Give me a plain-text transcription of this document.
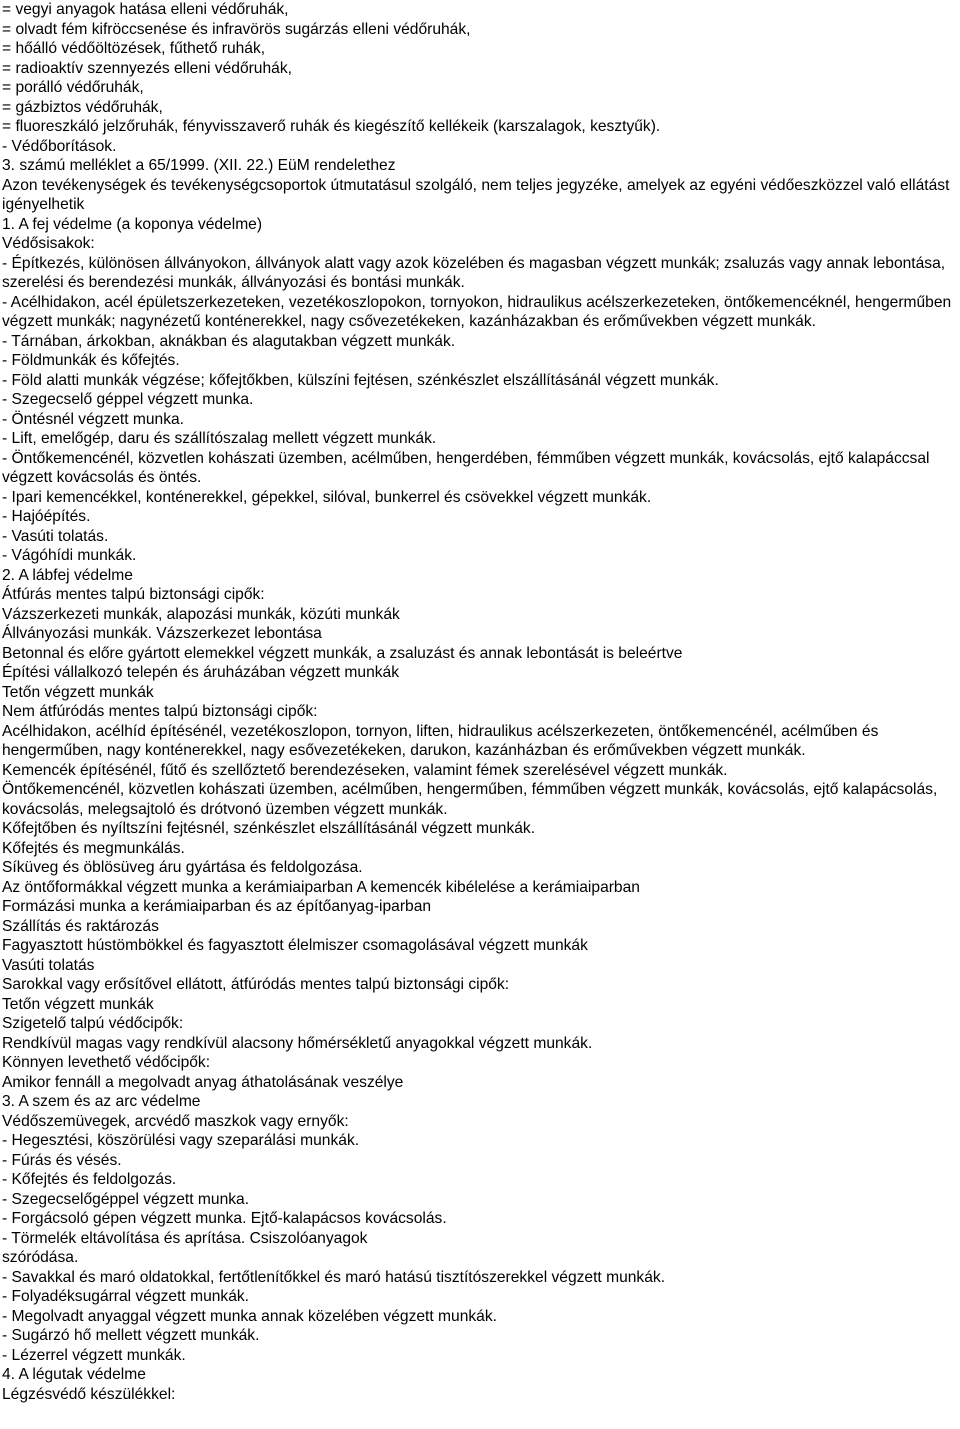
= vegyi anyagok hatása elleni védőruhák,
= olvadt fém kifröccsenése és infravörös sugárzás elleni védőruhák,
= hőálló védőöltözések, fűthető ruhák,
= radioaktív szennyezés elleni védőruhák,
= porálló védőruhák,
= gázbiztos védőruhák,
= fluoreszkáló jelzőruhák, fényvisszaverő ruhák és kiegészítő kellékeik (karszalagok, kesztyűk).
- Védőborítások.
3. számú melléklet a 65/1999. (XII. 22.) EüM rendelethez
Azon tevékenységek és tevékenységcsoportok útmutatásul szolgáló, nem teljes jegyzéke, amelyek az egyéni védőeszközzel való ellátást igényelhetik
1. A fej védelme (a koponya védelme)
Védősisakok:
- Építkezés, különösen állványokon, állványok alatt vagy azok közelében és magasban végzett munkák; zsaluzás vagy annak lebontása, szerelési és berendezési munkák, állványozási és bontási munkák.
- Acélhidakon, acél épületszerkezeteken, vezetékoszlopokon, tornyokon, hidraulikus acélszerkezeteken, öntőkemencéknél, hengerműben végzett munkák; nagynézetű konténerekkel, nagy csővezetékeken, kazánházakban és erőművekben végzett munkák.
- Tárnában, árkokban, aknákban és alagutakban végzett munkák.
- Földmunkák és kőfejtés.
- Föld alatti munkák végzése; kőfejtőkben, külszíni fejtésen, szénkészlet elszállításánál végzett munkák.
- Szegecselő géppel végzett munka.
- Öntésnél végzett munka.
- Lift, emelőgép, daru és szállítószalag mellett végzett munkák.
- Öntőkemencénél, közvetlen kohászati üzemben, acélműben, hengerdében, fémműben végzett munkák, kovácsolás, ejtő kalapáccsal végzett kovácsolás és öntés.
- Ipari kemencékkel, konténerekkel, gépekkel, silóval, bunkerrel és csövekkel végzett munkák.
- Hajóépítés.
- Vasúti tolatás.
- Vágóhídi munkák.
2. A lábfej védelme
Átfúrás mentes talpú biztonsági cipők:
Vázszerkezeti munkák, alapozási munkák, közúti munkák
Állványozási munkák. Vázszerkezet lebontása
Betonnal és előre gyártott elemekkel végzett munkák, a zsaluzást és annak lebontását is beleértve
Építési vállalkozó telepén és áruházában végzett munkák
Tetőn végzett munkák
Nem átfúródás mentes talpú biztonsági cipők:
Acélhidakon, acélhíd építésénél, vezetékoszlopon, tornyon, liften, hidraulikus acélszerkezeten, öntőkemencénél, acélműben és hengerműben, nagy konténerekkel, nagy esővezetékeken, darukon, kazánházban és erőművekben végzett munkák.
Kemencék építésénél, fűtő és szellőztető berendezéseken, valamint fémek szerelésével végzett munkák.
Öntőkemencénél, közvetlen kohászati üzemben, acélműben, hengerműben, fémműben végzett munkák, kovácsolás, ejtő kalapácsolás, kovácsolás, melegsajtoló és drótvonó üzemben végzett munkák.
Kőfejtőben és nyíltszíni fejtésnél, szénkészlet elszállításánál végzett munkák.
Kőfejtés és megmunkálás.
Síküveg és öblösüveg áru gyártása és feldolgozása.
Az öntőformákkal végzett munka a kerámiaiparban A kemencék kibélelése a kerámiaiparban
Formázási munka a kerámiaiparban és az építőanyag-iparban
Szállítás és raktározás
Fagyasztott hústömbökkel és fagyasztott élelmiszer csomagolásával végzett munkák
Vasúti tolatás
Sarokkal vagy erősítővel ellátott, átfúródás mentes talpú biztonsági cipők:
Tetőn végzett munkák
Szigetelő talpú védőcipők:
Rendkívül magas vagy rendkívül alacsony hőmérsékletű anyagokkal végzett munkák.
Könnyen levethető védőcipők:
Amikor fennáll a megolvadt anyag áthatolásának veszélye
3. A szem és az arc védelme
Védőszemüvegek, arcvédő maszkok vagy ernyők:
- Hegesztési, köszörülési vagy szeparálási munkák.
- Fúrás és vésés.
- Kőfejtés és feldolgozás.
- Szegecselőgéppel végzett munka.
- Forgácsoló gépen végzett munka. Ejtő-kalapácsos kovácsolás.
- Törmelék eltávolítása és aprítása. Csiszolóanyagok
szóródása.
- Savakkal és maró oldatokkal, fertőtlenítőkkel és maró hatású tisztítószerekkel végzett munkák.
- Folyadéksugárral végzett munkák.
- Megolvadt anyaggal végzett munka annak közelében végzett munkák.
- Sugárzó hő mellett végzett munkák.
- Lézerrel végzett munkák.
4. A légutak védelme
Légzésvédő készülékkel:
